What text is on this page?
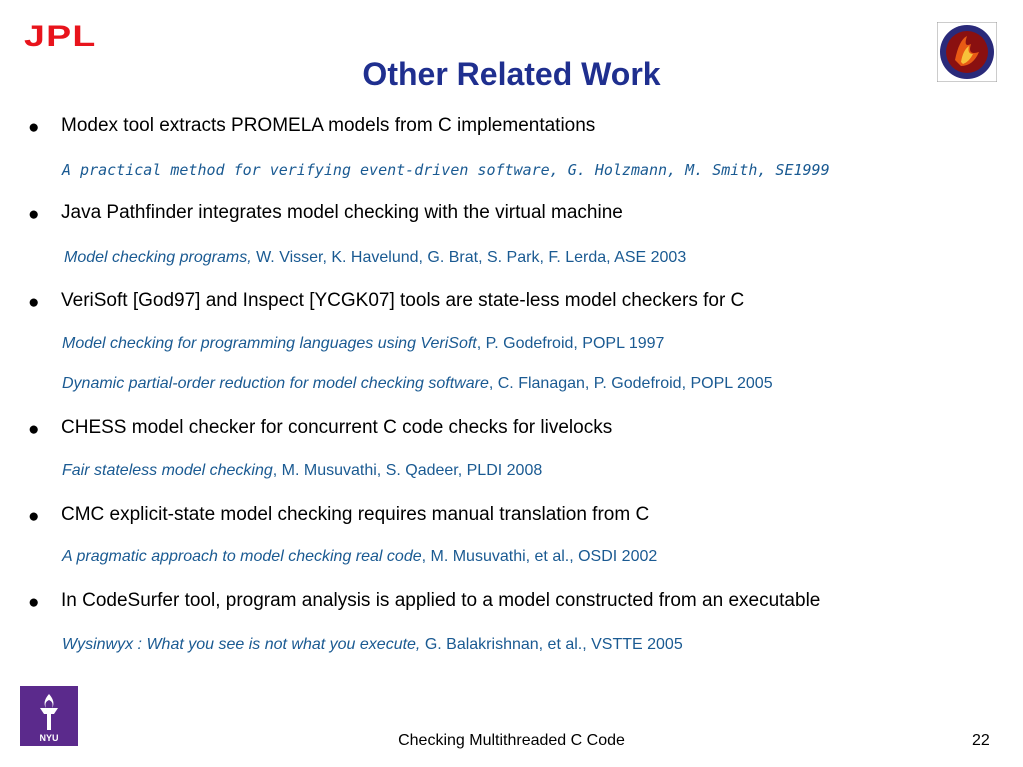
JPL
Other Related Work
● Modex tool extracts PROMELA models from C implementations
A practical method for verifying event-driven software, G. Holzmann, M. Smith, SE1999
● Java Pathfinder integrates model checking with the virtual machine
Model checking programs, W. Visser, K. Havelund, G. Brat, S. Park, F. Lerda, ASE 2003
● VeriSoft [God97] and Inspect [YCGK07] tools are state-less model checkers for C
Model checking for programming languages using VeriSoft, P. Godefroid, POPL 1997
Dynamic partial-order reduction for model checking software, C. Flanagan, P. Godefroid, POPL 2005
● CHESS model checker for concurrent C code checks for livelocks
Fair stateless model checking, M. Musuvathi, S. Qadeer, PLDI 2008
● CMC explicit-state model checking requires manual translation from C
A pragmatic approach to model checking real code, M. Musuvathi, et al., OSDI 2002
● In CodeSurfer tool, program analysis is applied to a model constructed from an executable
Wysinwyx : What you see is not what you execute, G. Balakrishnan, et al., VSTTE 2005
NYU	Checking Multithreaded C Code	22
